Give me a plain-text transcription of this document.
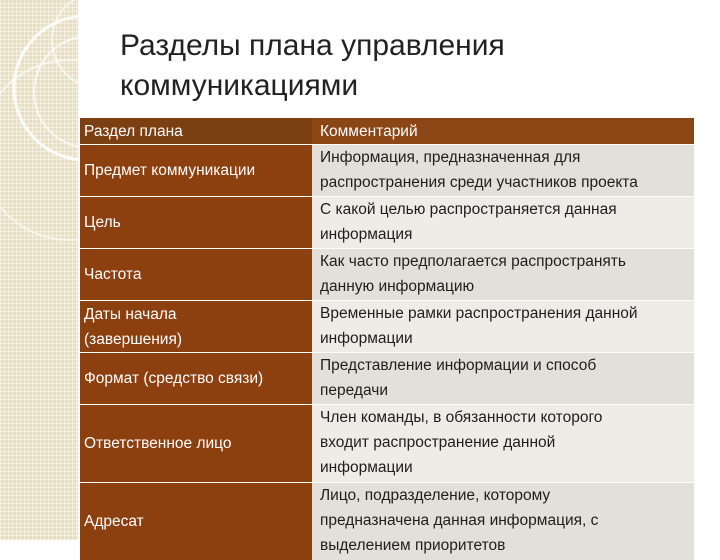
Разделы плана управления
коммуникациями
Раздел плана	Комментарий
Предмет коммуникации
Информация, предназначенная для
распространения среди участников проекта
Цель
С какой целью распространяется данная
информация
Частота
Как часто предполагается распространять
данную информацию
Даты начала
(завершения)
Временные рамки распространения данной
информации
Формат (средство связи)
Представление информации и способ
передачи
Ответственное лицо
Член команды, в обязанности которого
входит распространение данной
информации
Адресат
Лицо, подразделение, которому
предназначена данная информация, с
выделением приоритетов
